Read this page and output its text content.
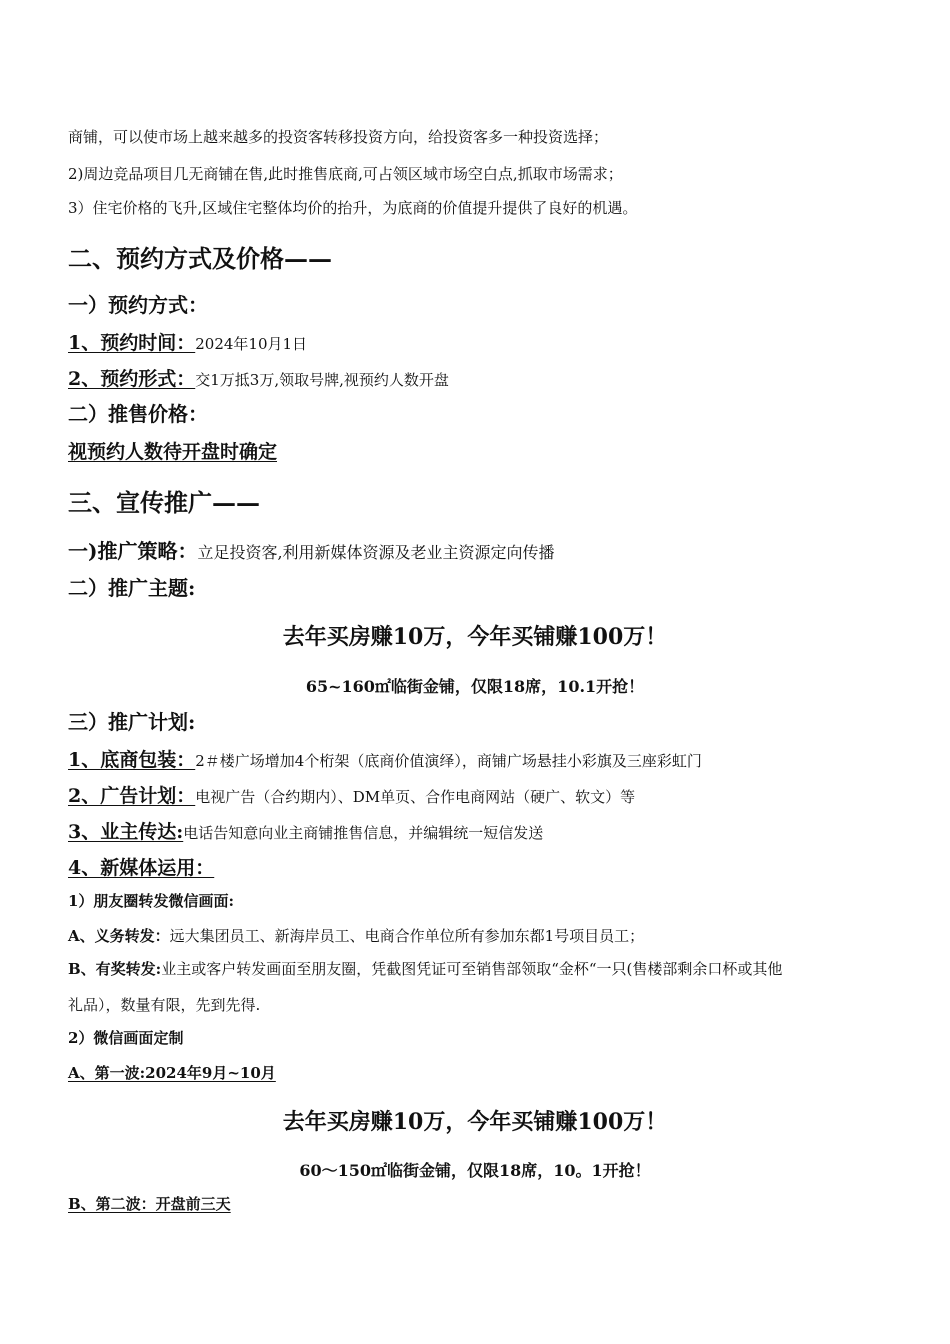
商铺，可以使市场上越来越多的投资客转移投资方向，给投资客多一种投资选择；
2)周边竞品项目几无商铺在售,此时推售底商,可占领区域市场空白点,抓取市场需求；
3）住宅价格的飞升,区域住宅整体均价的抬升，为底商的价值提升提供了良好的机遇。
二、预约方式及价格——
一）预约方式：
1、预约时间：2024年10月1日
2、预约形式：交1万抵3万,领取号牌,视预约人数开盘
二）推售价格：
视预约人数待开盘时确定
三、宣传推广——
一)推广策略：立足投资客,利用新媒体资源及老业主资源定向传播
二）推广主题:
去年买房赚10万，今年买铺赚100万！
65~160㎡临街金铺，仅限18席，10.1开抢！
三）推广计划:
1、底商包装：2＃楼广场增加4个桁架（底商价值演绎），商铺广场悬挂小彩旗及三座彩虹门
2、广告计划：电视广告（合约期内）、DM单页、合作电商网站（硬广、软文）等
3、业主传达:电话告知意向业主商铺推售信息，并编辑统一短信发送
4、新媒体运用：
1）朋友圈转发微信画面:
A、义务转发：远大集团员工、新海岸员工、电商合作单位所有参加东都1号项目员工；
B、有奖转发:业主或客户转发画面至朋友圈，凭截图凭证可至销售部领取“金杯“一只(售楼部剩余口杯或其他
礼品），数量有限，先到先得.
2）微信画面定制
A、第一波:2024年9月~10月
去年买房赚10万，今年买铺赚100万！
60～150㎡临街金铺，仅限18席，10。1开抢！
B、第二波：开盘前三天
